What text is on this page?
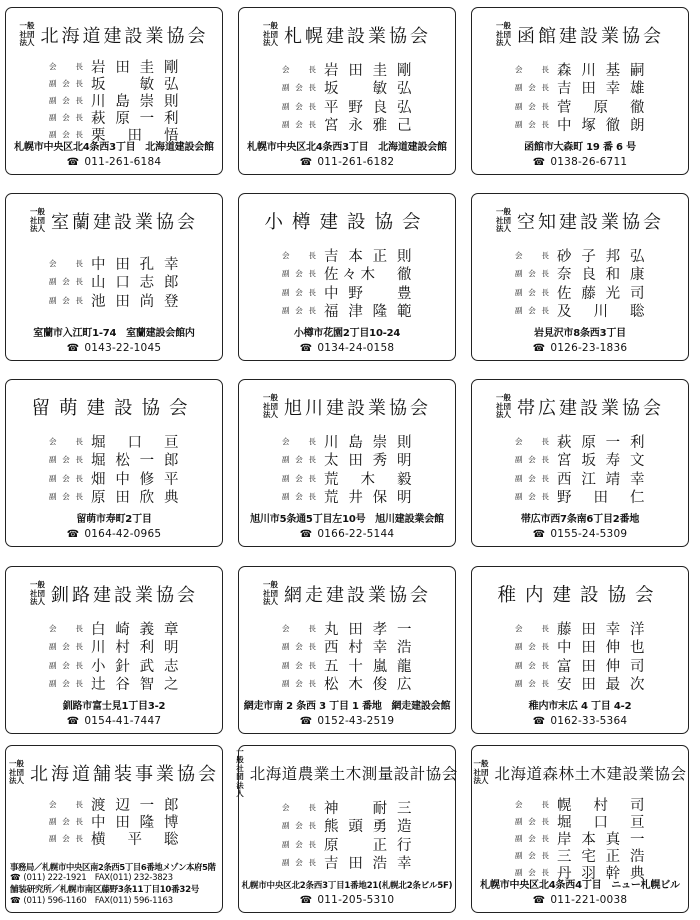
一般
社団
法人 北海道建設業協会
会長 岩田圭剛
副会長 坂　敏弘
副会長 川島崇則
副会長 萩原一利
副会長 栗田悟
札幌市中央区北4条西3丁目　北海道建設会館
☎ 011-261-6184
一般
社団
法人 札幌建設業協会
会長 岩田圭剛
副会長 坂　敏弘
副会長 平野良弘
副会長 宮永雅己
札幌市中央区北4条西3丁目　北海道建設会館
☎ 011-261-6182
一般
社団
法人 函館建設業協会
会長 森川基嗣
副会長 吉田幸雄
副会長 菅原徹
副会長 中塚徹朗
函館市大森町 19 番 6 号
☎ 0138-26-6711
一般
社団
法人 室蘭建設業協会
会長 中田孔幸
副会長 山口志郎
副会長 池田尚登
室蘭市入江町1-74　室蘭建設会館内
☎ 0143-22-1045
小樽建設協会
会長 吉本正則
副会長 佐々木　徹
副会長 中野　豊
副会長 福津隆範
小樽市花園2丁目10-24
☎ 0134-24-0158
一般
社団
法人 空知建設業協会
会長 砂子邦弘
副会長 奈良和康
副会長 佐藤光司
副会長 及川聡
岩見沢市8条西3丁目
☎ 0126-23-1836
留萌建設協会
会長 堀口亘
副会長 堀松一郎
副会長 畑中修平
副会長 原田欣典
留萌市寿町2丁目
☎ 0164-42-0965
一般
社団
法人 旭川建設業協会
会長 川島崇則
副会長 太田秀明
副会長 荒木毅
副会長 荒井保明
旭川市5条通5丁目左10号　旭川建設業会館
☎ 0166-22-5144
一般
社団
法人 帯広建設業協会
会長 萩原一利
副会長 宮坂寿文
副会長 西江靖幸
副会長 野田仁
帯広市西7条南6丁目2番地
☎ 0155-24-5309
一般
社団
法人 釧路建設業協会
会長 白崎義章
副会長 川村利明
副会長 小針武志
副会長 辻谷智之
釧路市富士見1丁目3-2
☎ 0154-41-7447
一般
社団
法人 網走建設業協会
会長 丸田孝一
副会長 西村幸浩
副会長 五十嵐龍
副会長 松木俊広
網走市南 2 条西 3 丁目 1 番地　網走建設会館
☎ 0152-43-2519
稚内建設協会
会長 藤田幸洋
副会長 中田伸也
副会長 富田伸司
副会長 安田最次
稚内市末広 4 丁目 4-2
☎ 0162-33-5364
一般
社団
法人 北海道舗装事業協会
会長 渡辺一郎
副会長 中田隆博
副会長 横平聡
事務局／札幌市中央区南2条西5丁目6番地メゾン本府5階
☎ (011) 222-1921　FAX(011) 232-3823
舗装研究所／札幌市南区藤野3条11丁目10番32号
☎ (011) 596-1160　FAX(011) 596-1163
一般
社団
法人
北海道農業土木測量設計協会
会長 神　耐三
副会長 熊頭勇造
副会長 原　正行
副会長 吉田浩幸
札幌市中央区北2条西3丁目1番地21(札幌北2条ビル5F)
☎ 011-205-5310
一般
社団
法人 北海道森林土木建設業協会
会長 幌村司
副会長 堀口亘
副会長 岸本真一
副会長 三宅正浩
副会長 丹羽幹典
札幌市中央区北4条西4丁目　ニュー札幌ビル
☎ 011-221-0038
